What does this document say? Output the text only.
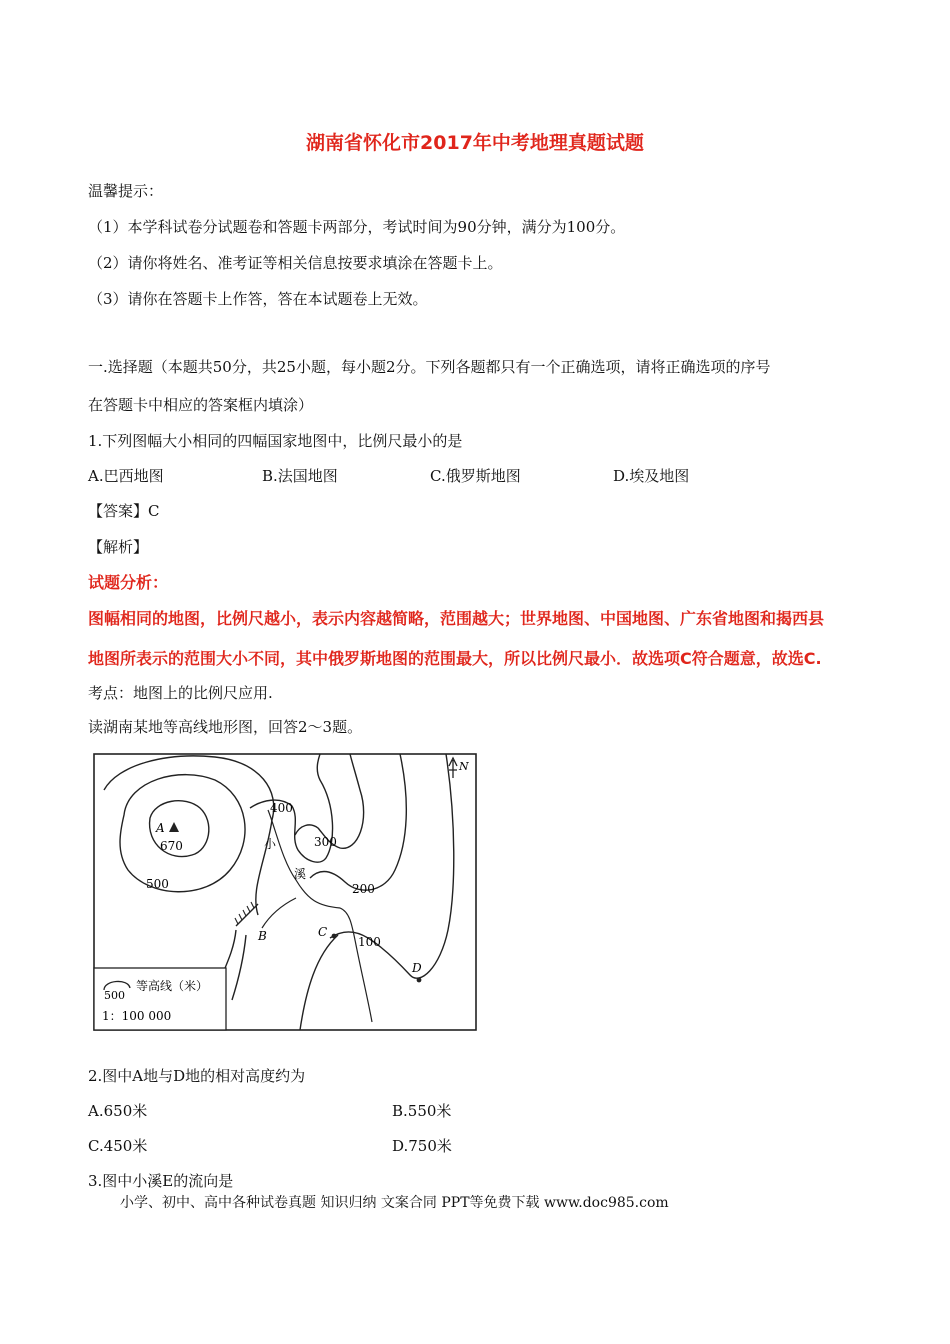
湖南省怀化市2017年中考地理真题试题
温馨提示：
（1）本学科试卷分试题卷和答题卡两部分，考试时间为90分钟，满分为100分。
（2）请你将姓名、准考证等相关信息按要求填涂在答题卡上。
（3）请你在答题卡上作答，答在本试题卷上无效。
一.选择题（本题共50分，共25小题，每小题2分。下列各题都只有一个正确选项，请将正确选项的序号
在答题卡中相应的答案框内填涂）
1.下列图幅大小相同的四幅国家地图中，比例尺最小的是
A.巴西地图	B.法国地图	C.俄罗斯地图	D.埃及地图
【答案】C
【解析】
试题分析：
图幅相同的地图，比例尺越小，表示内容越简略，范围越大；世界地图、中国地图、广东省地图和揭西县
地图所表示的范围大小不同，其中俄罗斯地图的范围最大，所以比例尺最小．故选项C符合题意，故选C.
考点：地图上的比例尺应用.
读湖南某地等高线地形图，回答2～3题。
A
670
400
300
200
100
500
小
溪
B	C
D
N
500
等高线（米）
1：100 000
2.图中A地与D地的相对高度约为
A.650米	B.550米
C.450米	D.750米
3.图中小溪E的流向是
小学、初中、高中各种试卷真题 知识归纳 文案合同 PPT等免费下载 www.doc985.com
